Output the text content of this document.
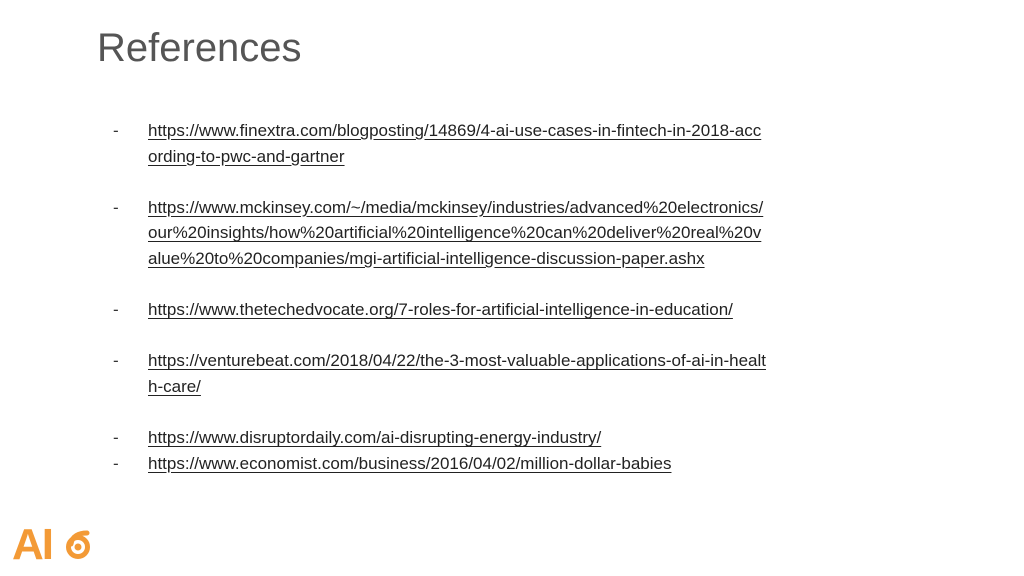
References
-	https://www.finextra.com/blogposting/14869/4-ai-use-cases-in-fintech-in-2018-according-to-pwc-and-gartner
-	https://www.mckinsey.com/~/media/mckinsey/industries/advanced%20electronics/our%20insights/how%20artificial%20intelligence%20can%20deliver%20real%20value%20to%20companies/mgi-artificial-intelligence-discussion-paper.ashx
-	https://www.thetechedvocate.org/7-roles-for-artificial-intelligence-in-education/
-	https://venturebeat.com/2018/04/22/the-3-most-valuable-applications-of-ai-in-health-care/
-	https://www.disruptordaily.com/ai-disrupting-energy-industry/
-	https://www.economist.com/business/2016/04/02/million-dollar-babies
AI
